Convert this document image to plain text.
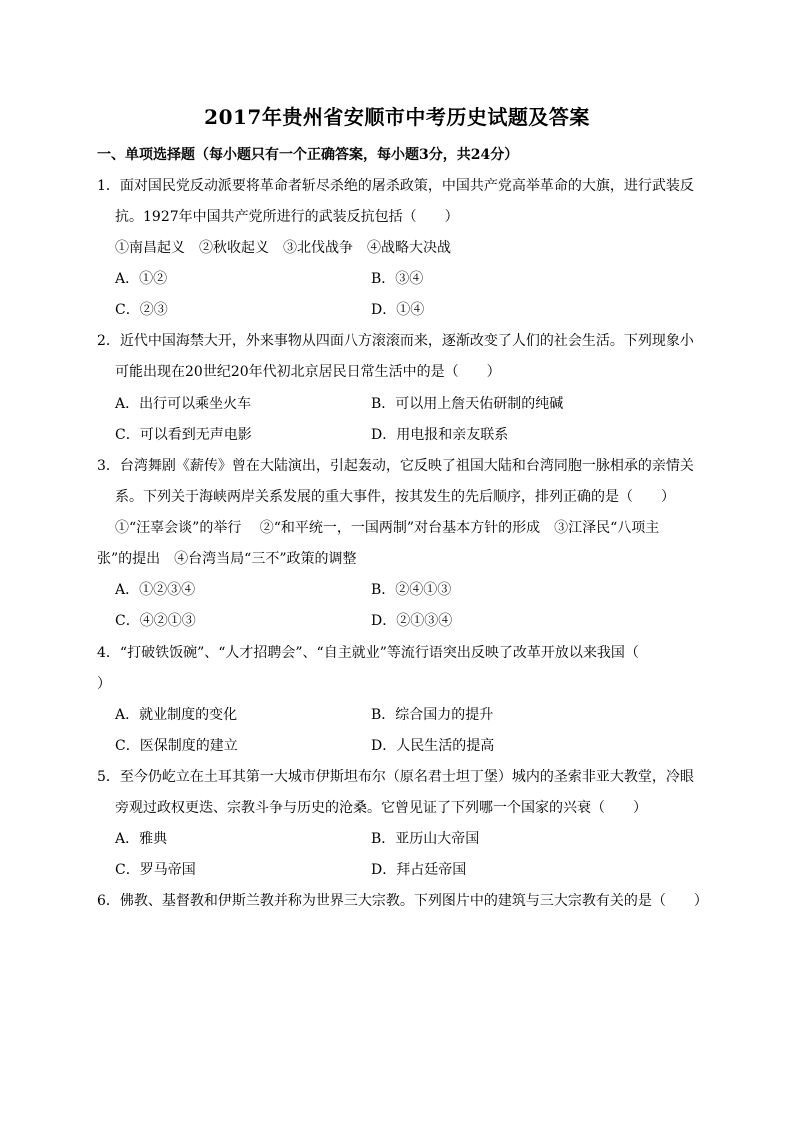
2017年贵州省安顺市中考历史试题及答案
一、单项选择题（每小题只有一个正确答案，每小题3分，共24分）
1．面对国民党反动派要将革命者斩尽杀绝的屠杀政策，中国共产党高举革命的大旗，进行武装反
抗。1927年中国共产党所进行的武装反抗包括（　　）
①南昌起义　②秋收起义　③北伐战争　④战略大决战
A．①②	B．③④
C．②③	D．①④
2．近代中国海禁大开，外来事物从四面八方滚滚而来，逐渐改变了人们的社会生活。下列现象小
可能出现在20世纪20年代初北京居民日常生活中的是（　　）
A．出行可以乘坐火车	B．可以用上詹天佑研制的纯碱
C．可以看到无声电影	D．用电报和亲友联系
3．台湾舞剧《薪传》曾在大陆演出，引起轰动，它反映了祖国大陆和台湾同胞一脉相承的亲情关
系。下列关于海峡两岸关系发展的重大事件，按其发生的先后顺序，排列正确的是（　　）
①“汪辜会谈”的举行　 ②“和平统一，一国两制”对台基本方针的形成　③江泽民“八项主
张”的提出　④台湾当局“三不”政策的调整
A．①②③④	B．②④①③
C．④②①③	D．②①③④
4．“打破铁饭碗”、“人才招聘会”、“自主就业”等流行语突出反映了改革开放以来我国（
）
A．就业制度的变化	B．综合国力的提升
C．医保制度的建立	D．人民生活的提高
5．至今仍屹立在土耳其第一大城市伊斯坦布尔（原名君士坦丁堡）城内的圣索非亚大教堂，冷眼
旁观过政权更迭、宗教斗争与历史的沧桑。它曾见证了下列哪一个国家的兴衰（　　）
A．雅典	B．亚历山大帝国
C．罗马帝国	D．拜占廷帝国
6．佛教、基督教和伊斯兰教并称为世界三大宗教。下列图片中的建筑与三大宗教有关的是（　　）
